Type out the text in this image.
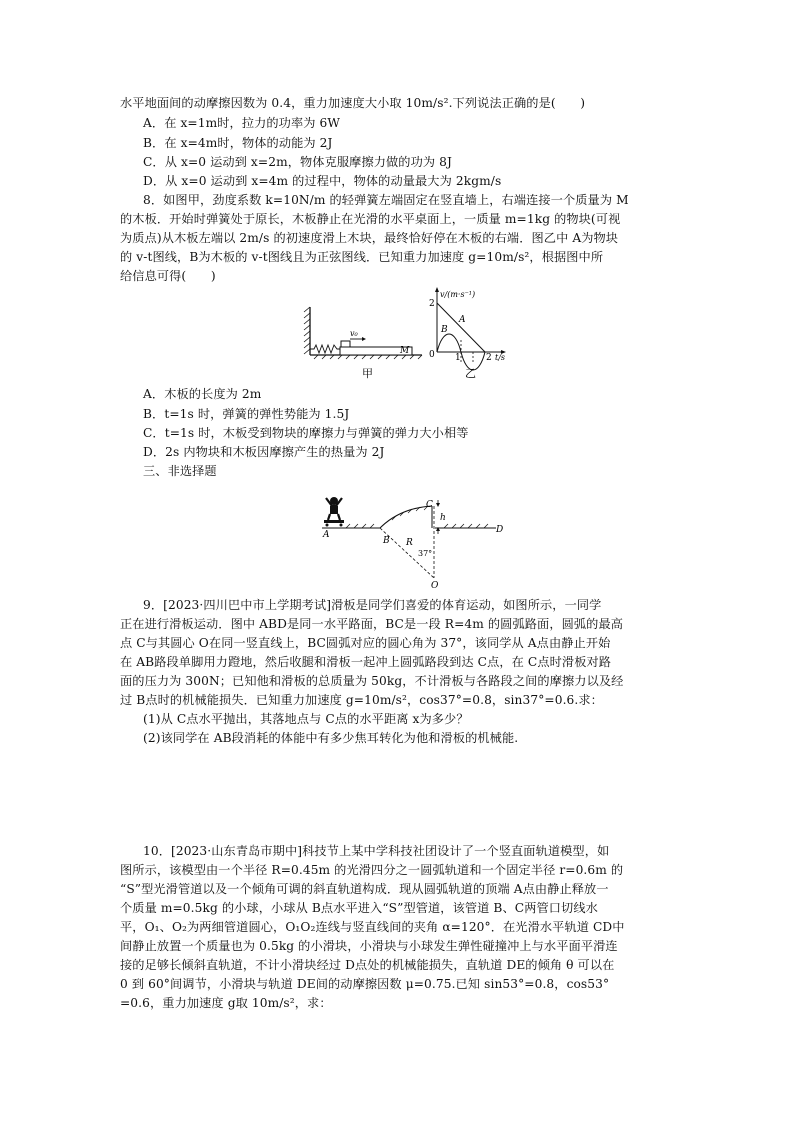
水平地面间的动摩擦因数为 0.4，重力加速度大小取 10m/s².下列说法正确的是(　　)
A．在 x=1m时，拉力的功率为 6W
B．在 x=4m时，物体的动能为 2J
C．从 x=0 运动到 x=2m，物体克服摩擦力做的功为 8J
D．从 x=0 运动到 x=4m 的过程中，物体的动量最大为 2kgm/s
8．如图甲，劲度系数 k=10N/m 的轻弹簧左端固定在竖直墙上，右端连接一个质量为 M
的木板．开始时弹簧处于原长，木板静止在光滑的水平桌面上，一质量 m=1kg 的物块(可视
为质点)从木板左端以 2m/s 的初速度滑上木块，最终恰好停在木板的右端．图乙中 A为物块
的 v-t图线，B为木板的 v-t图线且为正弦图线．已知重力加速度 g=10m/s²，根据图中所
给信息可得(　　)
v₀
M
甲
v/(m·s⁻¹)
2
0
A
B
1	2 t/s
乙
A．木板的长度为 2m
B．t=1s 时，弹簧的弹性势能为 1.5J
C．t=1s 时，木板受到物块的摩擦力与弹簧的弹力大小相等
D．2s 内物块和木板因摩擦产生的热量为 2J
三、非选择题
A
B
C
D
O
R
h
37°
9．[2023·四川巴中市上学期考试]滑板是同学们喜爱的体育运动，如图所示，一同学
正在进行滑板运动．图中 ABD是同一水平路面，BC是一段 R=4m 的圆弧路面，圆弧的最高
点 C与其圆心 O在同一竖直线上，BC圆弧对应的圆心角为 37°，该同学从 A点由静止开始
在 AB路段单脚用力蹬地，然后收腿和滑板一起冲上圆弧路段到达 C点，在 C点时滑板对路
面的压力为 300N；已知他和滑板的总质量为 50kg，不计滑板与各路段之间的摩擦力以及经
过 B点时的机械能损失．已知重力加速度 g=10m/s²，cos37°=0.8，sin37°=0.6.求：
(1)从 C点水平抛出，其落地点与 C点的水平距离 x为多少？
(2)该同学在 AB段消耗的体能中有多少焦耳转化为他和滑板的机械能.
10．[2023·山东青岛市期中]科技节上某中学科技社团设计了一个竖直面轨道模型，如
图所示，该模型由一个半径 R=0.45m 的光滑四分之一圆弧轨道和一个固定半径 r=0.6m 的
“S”型光滑管道以及一个倾角可调的斜直轨道构成．现从圆弧轨道的顶端 A点由静止释放一
个质量 m=0.5kg 的小球，小球从 B点水平进入“S”型管道，该管道 B、C两管口切线水
平，O₁、O₂为两细管道圆心，O₁O₂连线与竖直线间的夹角 α=120°．在光滑水平轨道 CD中
间静止放置一个质量也为 0.5kg 的小滑块，小滑块与小球发生弹性碰撞冲上与水平面平滑连
接的足够长倾斜直轨道，不计小滑块经过 D点处的机械能损失，直轨道 DE的倾角 θ 可以在
0 到 60°间调节，小滑块与轨道 DE间的动摩擦因数 μ=0.75.已知 sin53°=0.8，cos53°
=0.6，重力加速度 g取 10m/s²，求：
